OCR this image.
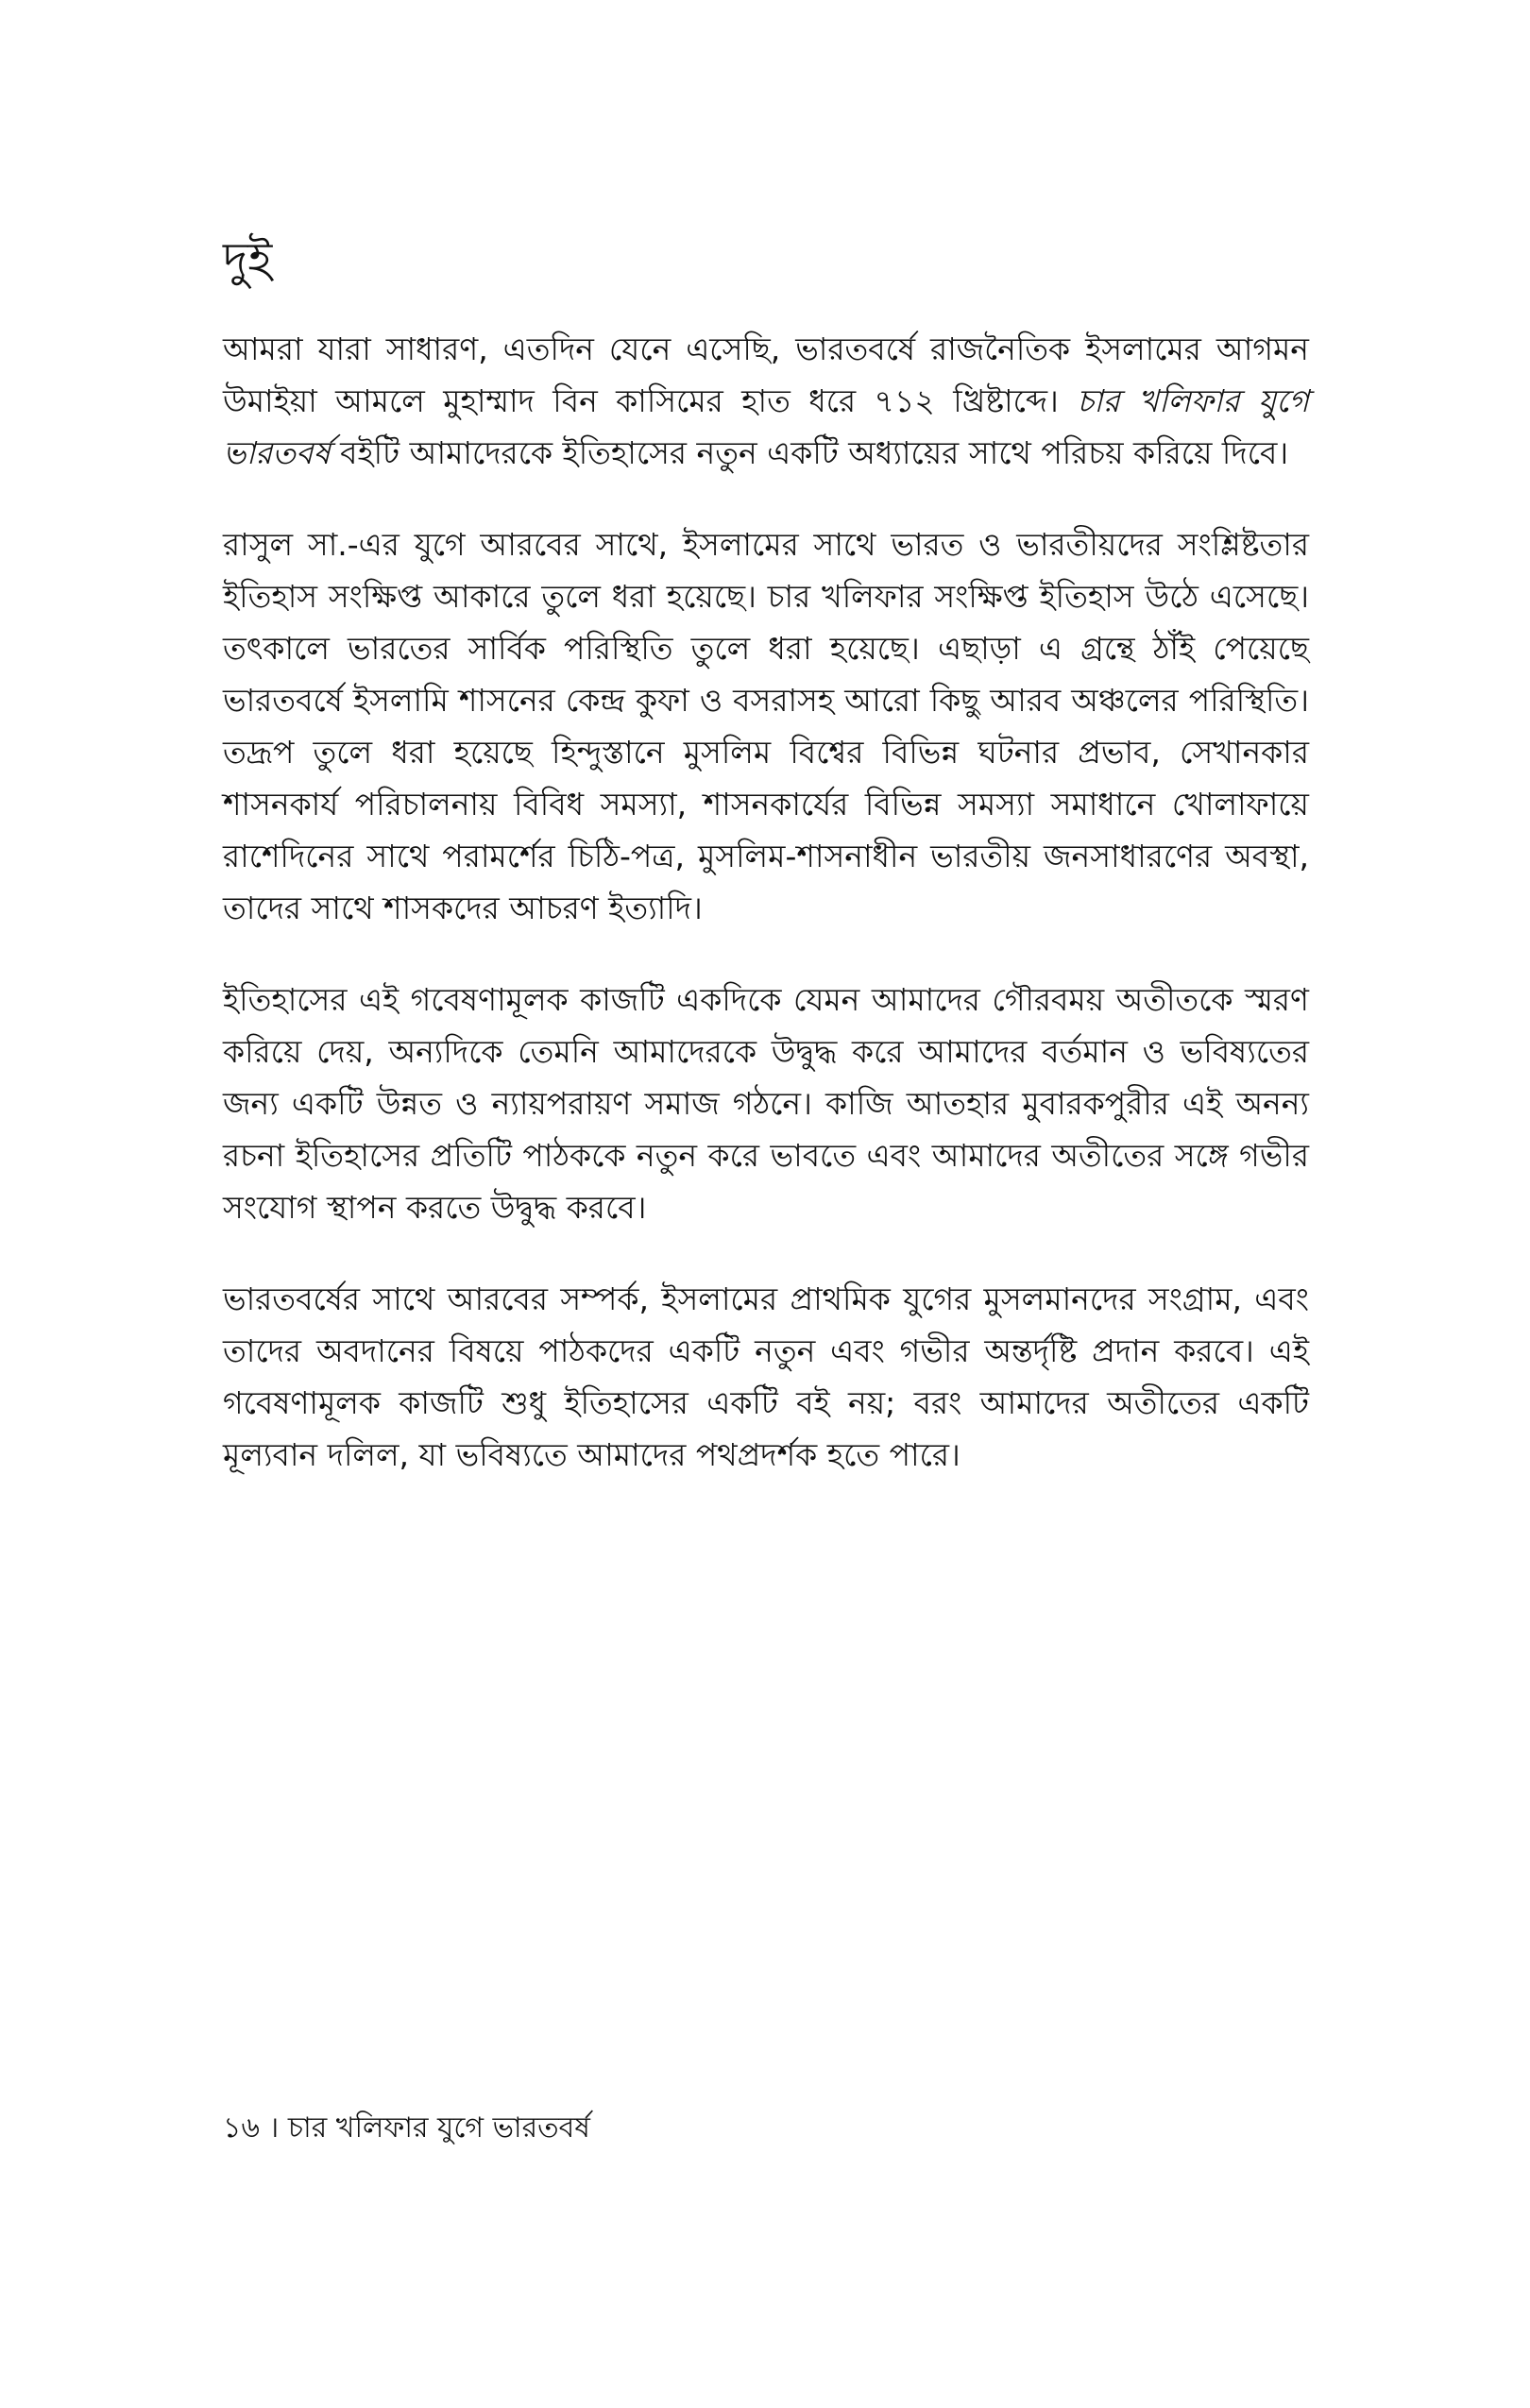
দুই

আমরা যারা সাধারণ, এতদিন যেনে এসেছি, ভারতবর্ষে রাজনৈতিক ইসলামের আগমন উমাইয়া আমলে মুহাম্মাদ বিন কাসিমের হাত ধরে ৭১২ খ্রিষ্টাব্দে। চার খলিফার যুগে ভারতবর্ষ বইটি আমাদেরকে ইতিহাসের নতুন একটি অধ্যায়ের সাথে পরিচয় করিয়ে দিবে।

রাসুল সা.-এর যুগে আরবের সাথে, ইসলামের সাথে ভারত ও ভারতীয়দের সংশ্লিষ্টতার ইতিহাস সংক্ষিপ্ত আকারে তুলে ধরা হয়েছে। চার খলিফার সংক্ষিপ্ত ইতিহাস উঠে এসেছে। তৎকালে ভারতের সার্বিক পরিস্থিতি তুলে ধরা হয়েছে। এছাড়া এ গ্রন্থে ঠাঁই পেয়েছে ভারতবর্ষে ইসলামি শাসনের কেন্দ্র কুফা ও বসরাসহ আরো কিছু আরব অঞ্চলের পরিস্থিতি। তদ্রূপ তুলে ধরা হয়েছে হিন্দুস্তানে মুসলিম বিশ্বের বিভিন্ন ঘটনার প্রভাব, সেখানকার শাসনকার্য পরিচালনায় বিবিধ সমস্যা, শাসনকার্যের বিভিন্ন সমস্যা সমাধানে খোলাফায়ে রাশেদিনের সাথে পরামর্শের চিঠি-পত্র, মুসলিম-শাসনাধীন ভারতীয় জনসাধারণের অবস্থা, তাদের সাথে শাসকদের আচরণ ইত্যাদি।

ইতিহাসের এই গবেষণামূলক কাজটি একদিকে যেমন আমাদের গৌরবময় অতীতকে স্মরণ করিয়ে দেয়, অন্যদিকে তেমনি আমাদেরকে উদ্বুদ্ধ করে আমাদের বর্তমান ও ভবিষ্যতের জন্য একটি উন্নত ও ন্যায়পরায়ণ সমাজ গঠনে। কাজি আতহার মুবারকপুরীর এই অনন্য রচনা ইতিহাসের প্রতিটি পাঠককে নতুন করে ভাবতে এবং আমাদের অতীতের সঙ্গে গভীর সংযোগ স্থাপন করতে উদ্বুদ্ধ করবে।

ভারতবর্ষের সাথে আরবের সম্পর্ক, ইসলামের প্রাথমিক যুগের মুসলমানদের সংগ্রাম, এবং তাদের অবদানের বিষয়ে পাঠকদের একটি নতুন এবং গভীর অন্তর্দৃষ্টি প্রদান করবে। এই গবেষণামূলক কাজটি শুধু ইতিহাসের একটি বই নয়; বরং আমাদের অতীতের একটি মূল্যবান দলিল, যা ভবিষ্যতে আমাদের পথপ্রদর্শক হতে পারে।

১৬ । চার খলিফার যুগে ভারতবর্ষ
